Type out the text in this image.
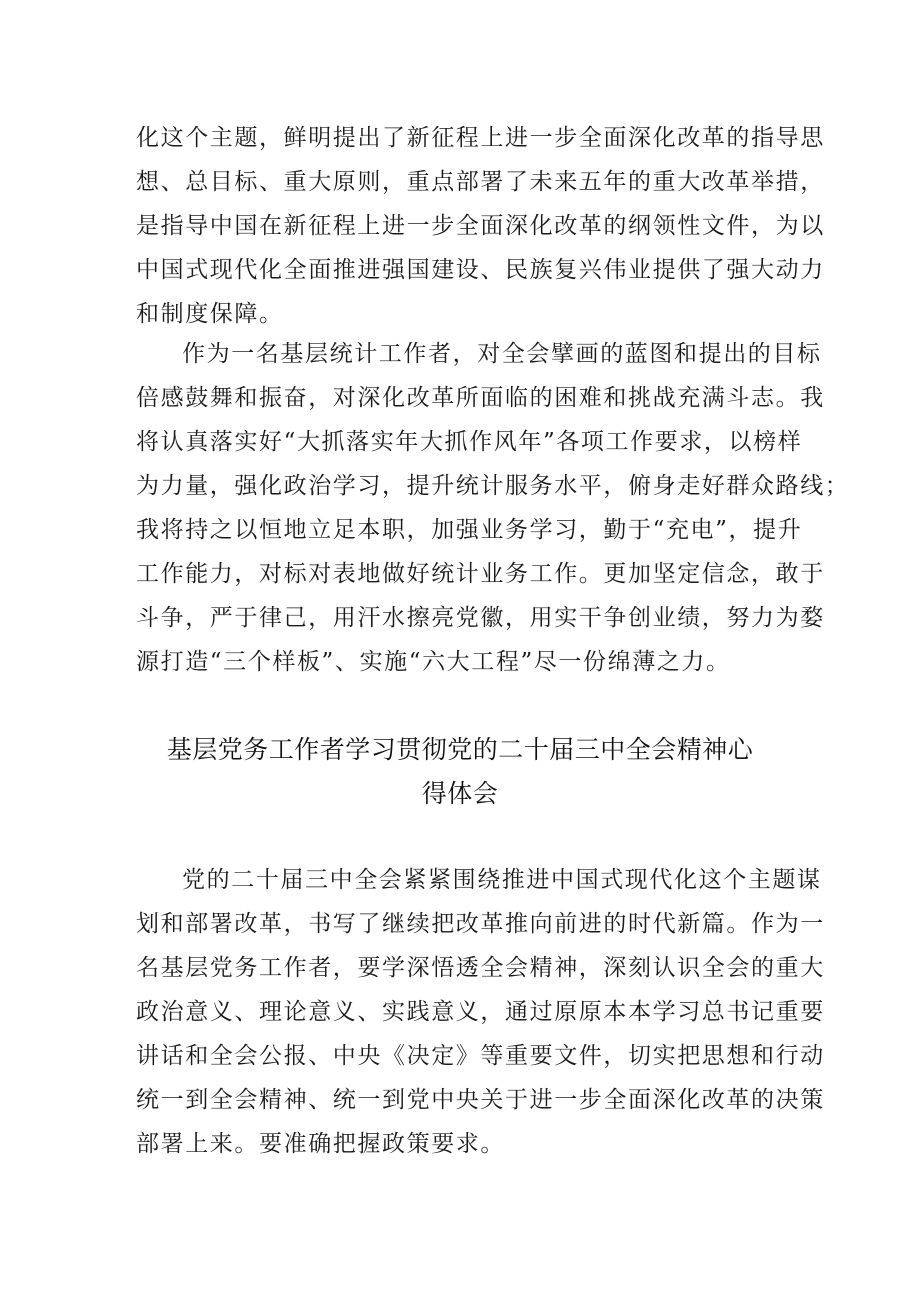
化这个主题，鲜明提出了新征程上进一步全面深化改革的指导思
想、总目标、重大原则，重点部署了未来五年的重大改革举措，
是指导中国在新征程上进一步全面深化改革的纲领性文件，为以
中国式现代化全面推进强国建设、民族复兴伟业提供了强大动力
和制度保障。
作为一名基层统计工作者，对全会擘画的蓝图和提出的目标
倍感鼓舞和振奋，对深化改革所面临的困难和挑战充满斗志。我
将认真落实好“大抓落实年大抓作风年”各项工作要求，以榜样
为力量，强化政治学习，提升统计服务水平，俯身走好群众路线；
我将持之以恒地立足本职，加强业务学习，勤于“充电”，提升
工作能力，对标对表地做好统计业务工作。更加坚定信念，敢于
斗争，严于律己，用汗水擦亮党徽，用实干争创业绩，努力为婺
源打造“三个样板”、实施“六大工程”尽一份绵薄之力。
基层党务工作者学习贯彻党的二十届三中全会精神心
得体会
党的二十届三中全会紧紧围绕推进中国式现代化这个主题谋
划和部署改革，书写了继续把改革推向前进的时代新篇。作为一
名基层党务工作者，要学深悟透全会精神，深刻认识全会的重大
政治意义、理论意义、实践意义，通过原原本本学习总书记重要
讲话和全会公报、中央《决定》等重要文件，切实把思想和行动
统一到全会精神、统一到党中央关于进一步全面深化改革的决策
部署上来。要准确把握政策要求。
